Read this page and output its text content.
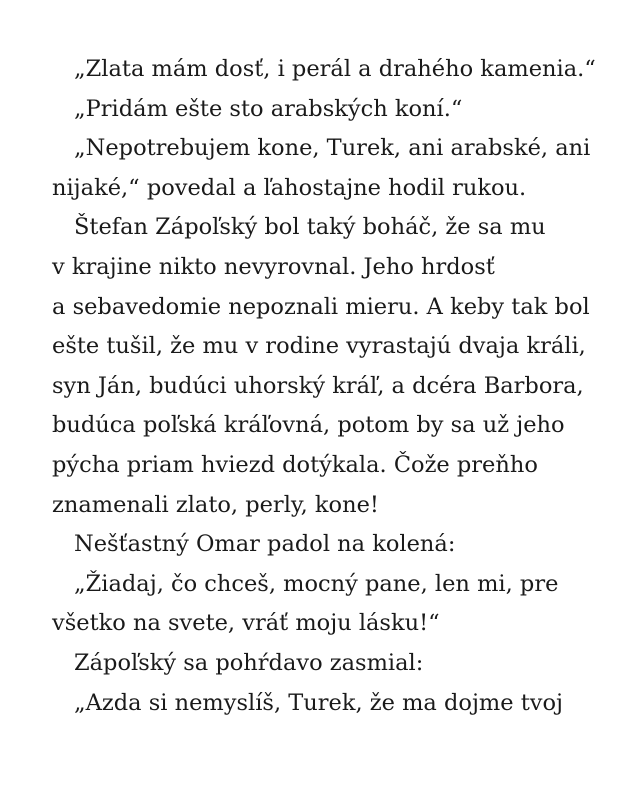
„Zlata mám dosť, i perál a drahého kamenia.“
„Pridám ešte sto arabských koní.“
„Nepotrebujem kone, Turek, ani arabské, ani
nijaké,“ povedal a ľahostajne hodil rukou.
Štefan Zápoľský bol taký boháč, že sa mu
v krajine nikto nevyrovnal. Jeho hrdosť
a sebavedomie nepoznali mieru. A keby tak bol
ešte tušil, že mu v rodine vyrastajú dvaja králi,
syn Ján, budúci uhorský kráľ, a dcéra Barbora,
budúca poľská kráľovná, potom by sa už jeho
pýcha priam hviezd dotýkala. Čože preňho
znamenali zlato, perly, kone!
Nešťastný Omar padol na kolená:
„Žiadaj, čo chceš, mocný pane, len mi, pre
všetko na svete, vráť moju lásku!“
Zápoľský sa pohŕdavo zasmial:
„Azda si nemyslíš, Turek, že ma dojme tvoj
